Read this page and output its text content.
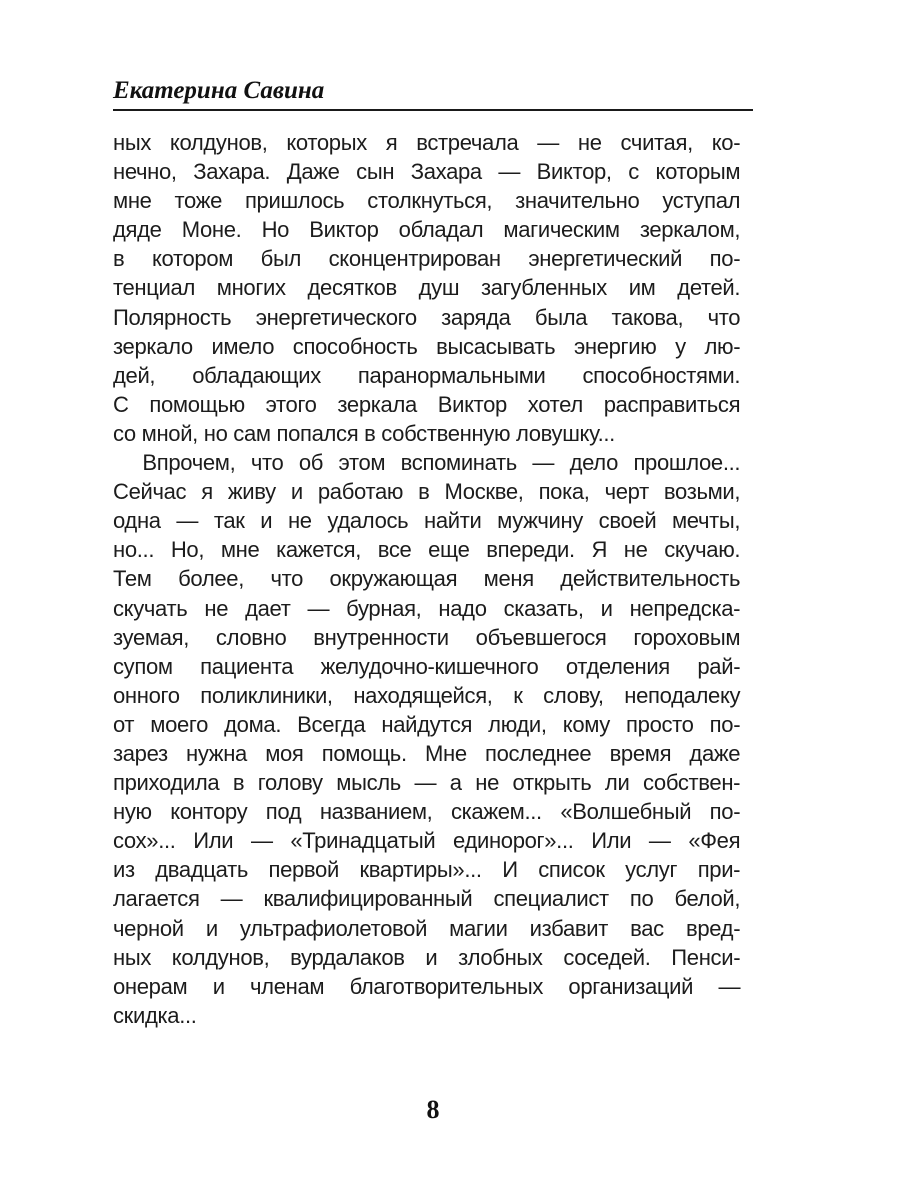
Екатерина Савина
ных колдунов, которых я встречала — не считая, ко-
нечно, Захара. Даже сын Захара — Виктор, с которым
мне тоже пришлось столкнуться, значительно уступал
дяде Моне. Но Виктор обладал магическим зеркалом,
в котором был сконцентрирован энергетический по-
тенциал многих десятков душ загубленных им детей.
Полярность энергетического заряда была такова, что
зеркало имело способность высасывать энергию у лю-
дей, обладающих паранормальными способностями.
С помощью этого зеркала Виктор хотел расправиться
со мной, но сам попался в собственную ловушку...
Впрочем, что об этом вспоминать — дело прошлое...
Сейчас я живу и работаю в Москве, пока, черт возьми,
одна — так и не удалось найти мужчину своей мечты,
но... Но, мне кажется, все еще впереди. Я не скучаю.
Тем более, что окружающая меня действительность
скучать не дает — бурная, надо сказать, и непредска-
зуемая, словно внутренности объевшегося гороховым
супом пациента желудочно-кишечного отделения рай-
онного поликлиники, находящейся, к слову, неподалеку
от моего дома. Всегда найдутся люди, кому просто по-
зарез нужна моя помощь. Мне последнее время даже
приходила в голову мысль — а не открыть ли собствен-
ную контору под названием, скажем... «Волшебный по-
сох»... Или — «Тринадцатый единорог»... Или — «Фея
из двадцать первой квартиры»... И список услуг при-
лагается — квалифицированный специалист по белой,
черной и ультрафиолетовой магии избавит вас вред-
ных колдунов, вурдалаков и злобных соседей. Пенси-
онерам и членам благотворительных организаций —
скидка...
8
